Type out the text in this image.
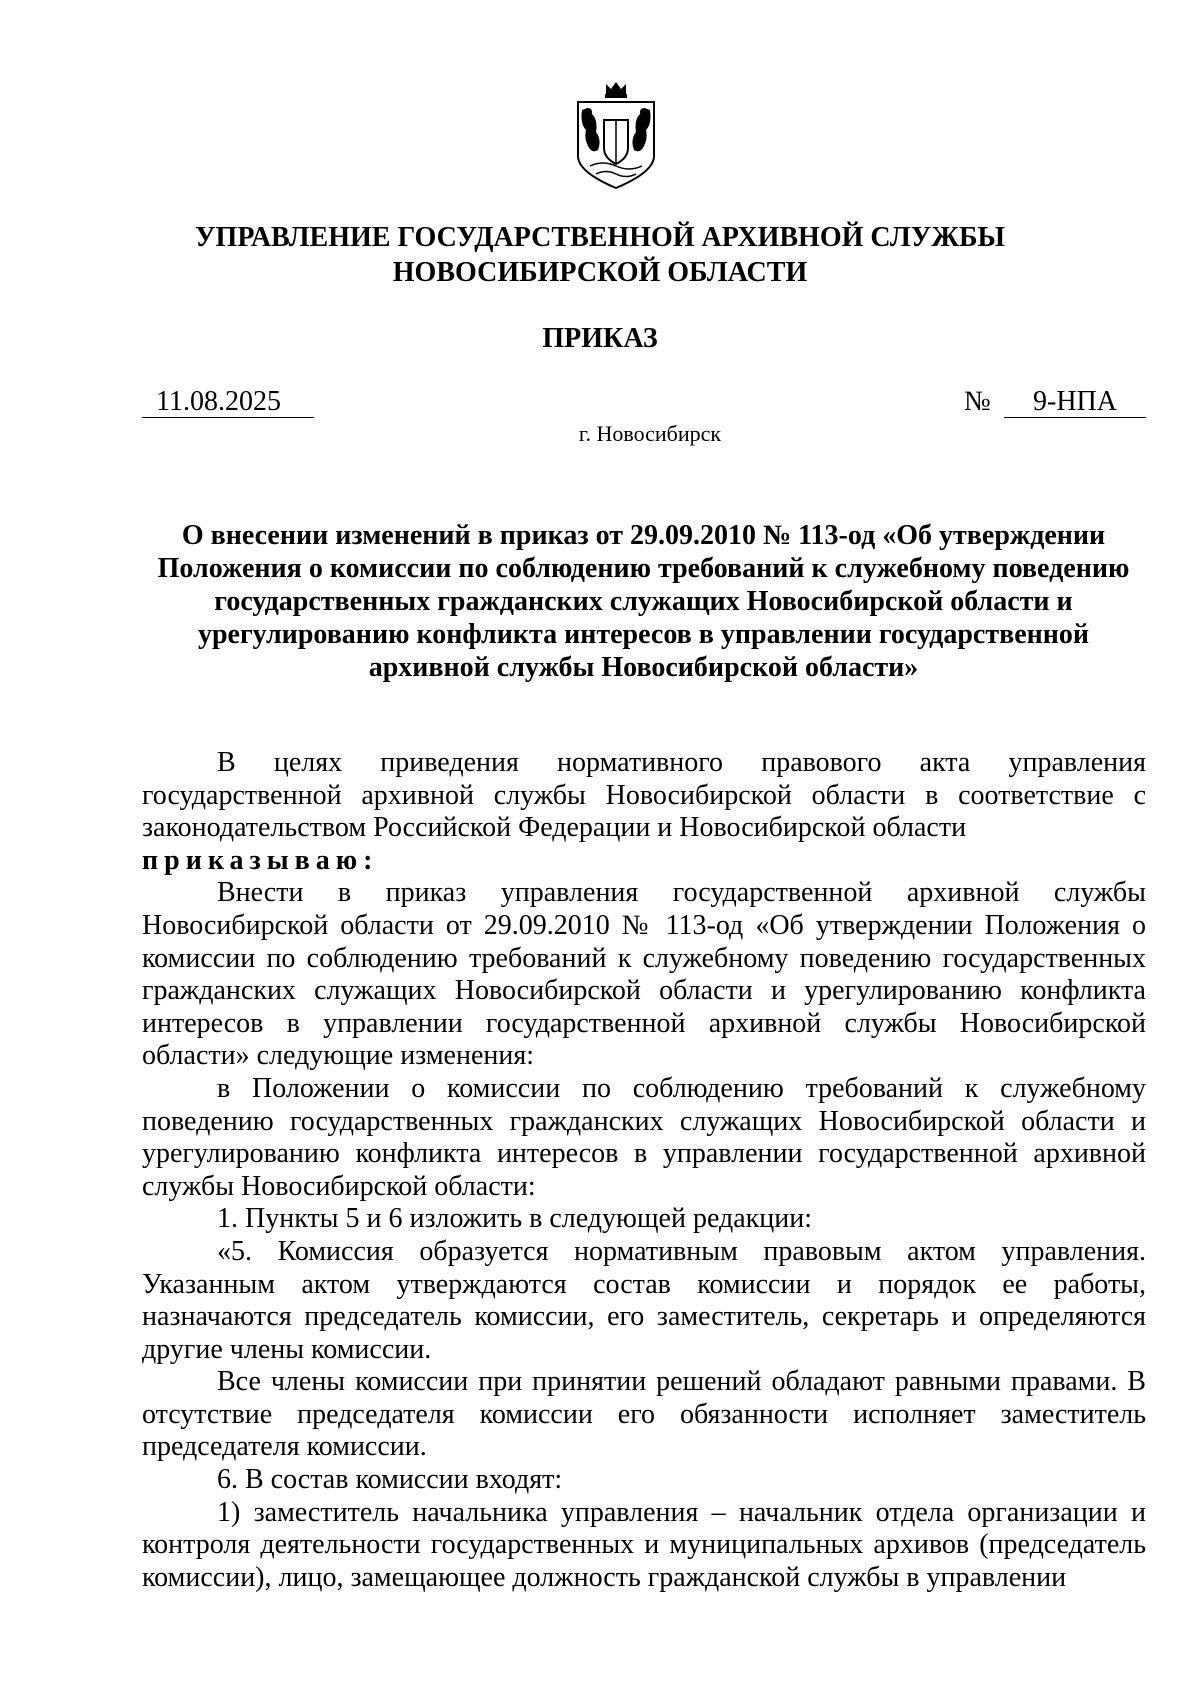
УПРАВЛЕНИЕ ГОСУДАРСТВЕННОЙ АРХИВНОЙ СЛУЖБЫ
НОВОСИБИРСКОЙ ОБЛАСТИ
ПРИКАЗ
11.08.2025	№	9-НПА
г. Новосибирск
О внесении изменений в приказ от 29.09.2010 № 113-од «Об утверждении
Положения о комиссии по соблюдению требований к служебному поведению
государственных гражданских служащих Новосибирской области и
урегулированию конфликта интересов в управлении государственной
архивной службы Новосибирской области»

В целях приведения нормативного правового акта управления государственной архивной службы Новосибирской области в соответствие с законодательством Российской Федерации и Новосибирской области

приказываю:

Внести в приказ управления государственной архивной службы Новосибирской области от 29.09.2010 № 113-од «Об утверждении Положения о комиссии по соблюдению требований к служебному поведению государственных гражданских служащих Новосибирской области и урегулированию конфликта интересов в управлении государственной архивной службы Новосибирской области» следующие изменения:

в Положении о комиссии по соблюдению требований к служебному поведению государственных гражданских служащих Новосибирской области и урегулированию конфликта интересов в управлении государственной архивной службы Новосибирской области:

1. Пункты 5 и 6 изложить в следующей редакции:

«5. Комиссия образуется нормативным правовым актом управления. Указанным актом утверждаются состав комиссии и порядок ее работы, назначаются председатель комиссии, его заместитель, секретарь и определяются другие члены комиссии.

Все члены комиссии при принятии решений обладают равными правами. В отсутствие председателя комиссии его обязанности исполняет заместитель председателя комиссии.

6. В состав комиссии входят:

1) заместитель начальника управления – начальник отдела организации и контроля деятельности государственных и муниципальных архивов (председатель комиссии), лицо, замещающее должность гражданской службы в управлении
